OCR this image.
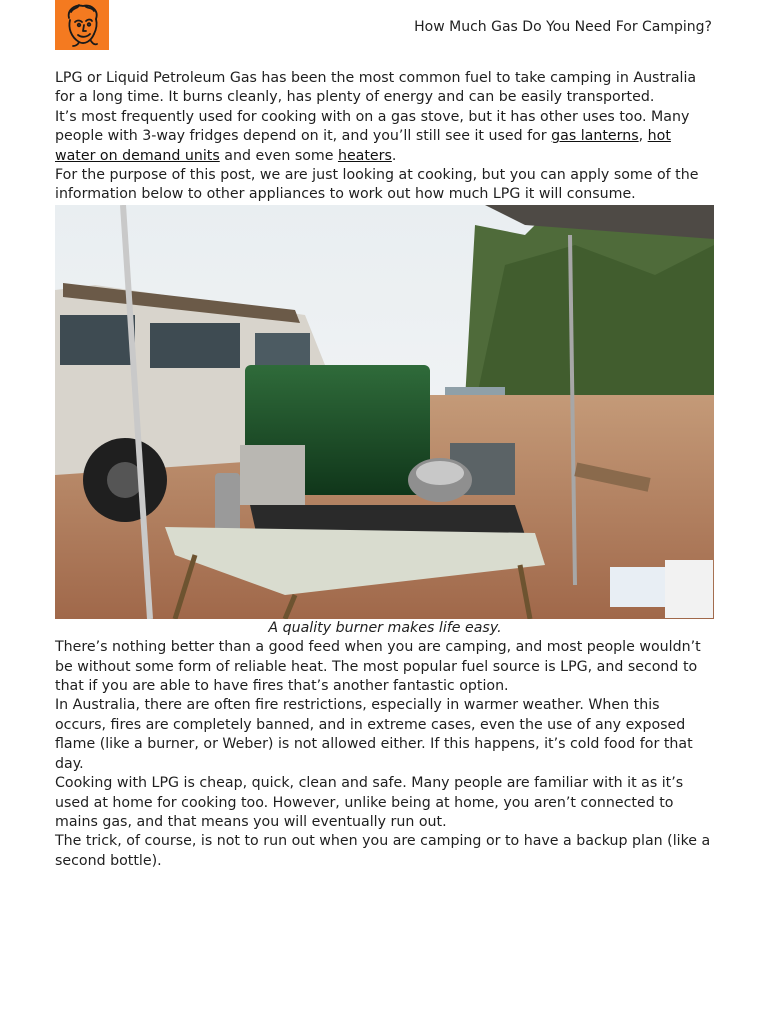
How Much Gas Do You Need For Camping?

LPG or Liquid Petroleum Gas has been the most common fuel to take camping in Australia for a long time. It burns cleanly, has plenty of energy and can be easily transported.

It’s most frequently used for cooking with on a gas stove, but it has other uses too. Many people with 3-way fridges depend on it, and you’ll still see it used for gas lanterns, hot water on demand units and even some heaters.

For the purpose of this post, we are just looking at cooking, but you can apply some of the information below to other appliances to work out how much LPG it will consume.

A quality burner makes life easy.

There’s nothing better than a good feed when you are camping, and most people wouldn’t be without some form of reliable heat. The most popular fuel source is LPG, and second to that if you are able to have fires that’s another fantastic option.

In Australia, there are often fire restrictions, especially in warmer weather. When this occurs, fires are completely banned, and in extreme cases, even the use of any exposed flame (like a burner, or Weber) is not allowed either. If this happens, it’s cold food for that day.

Cooking with LPG is cheap, quick, clean and safe. Many people are familiar with it as it’s used at home for cooking too. However, unlike being at home, you aren’t connected to mains gas, and that means you will eventually run out.

The trick, of course, is not to run out when you are camping or to have a backup plan (like a second bottle).
